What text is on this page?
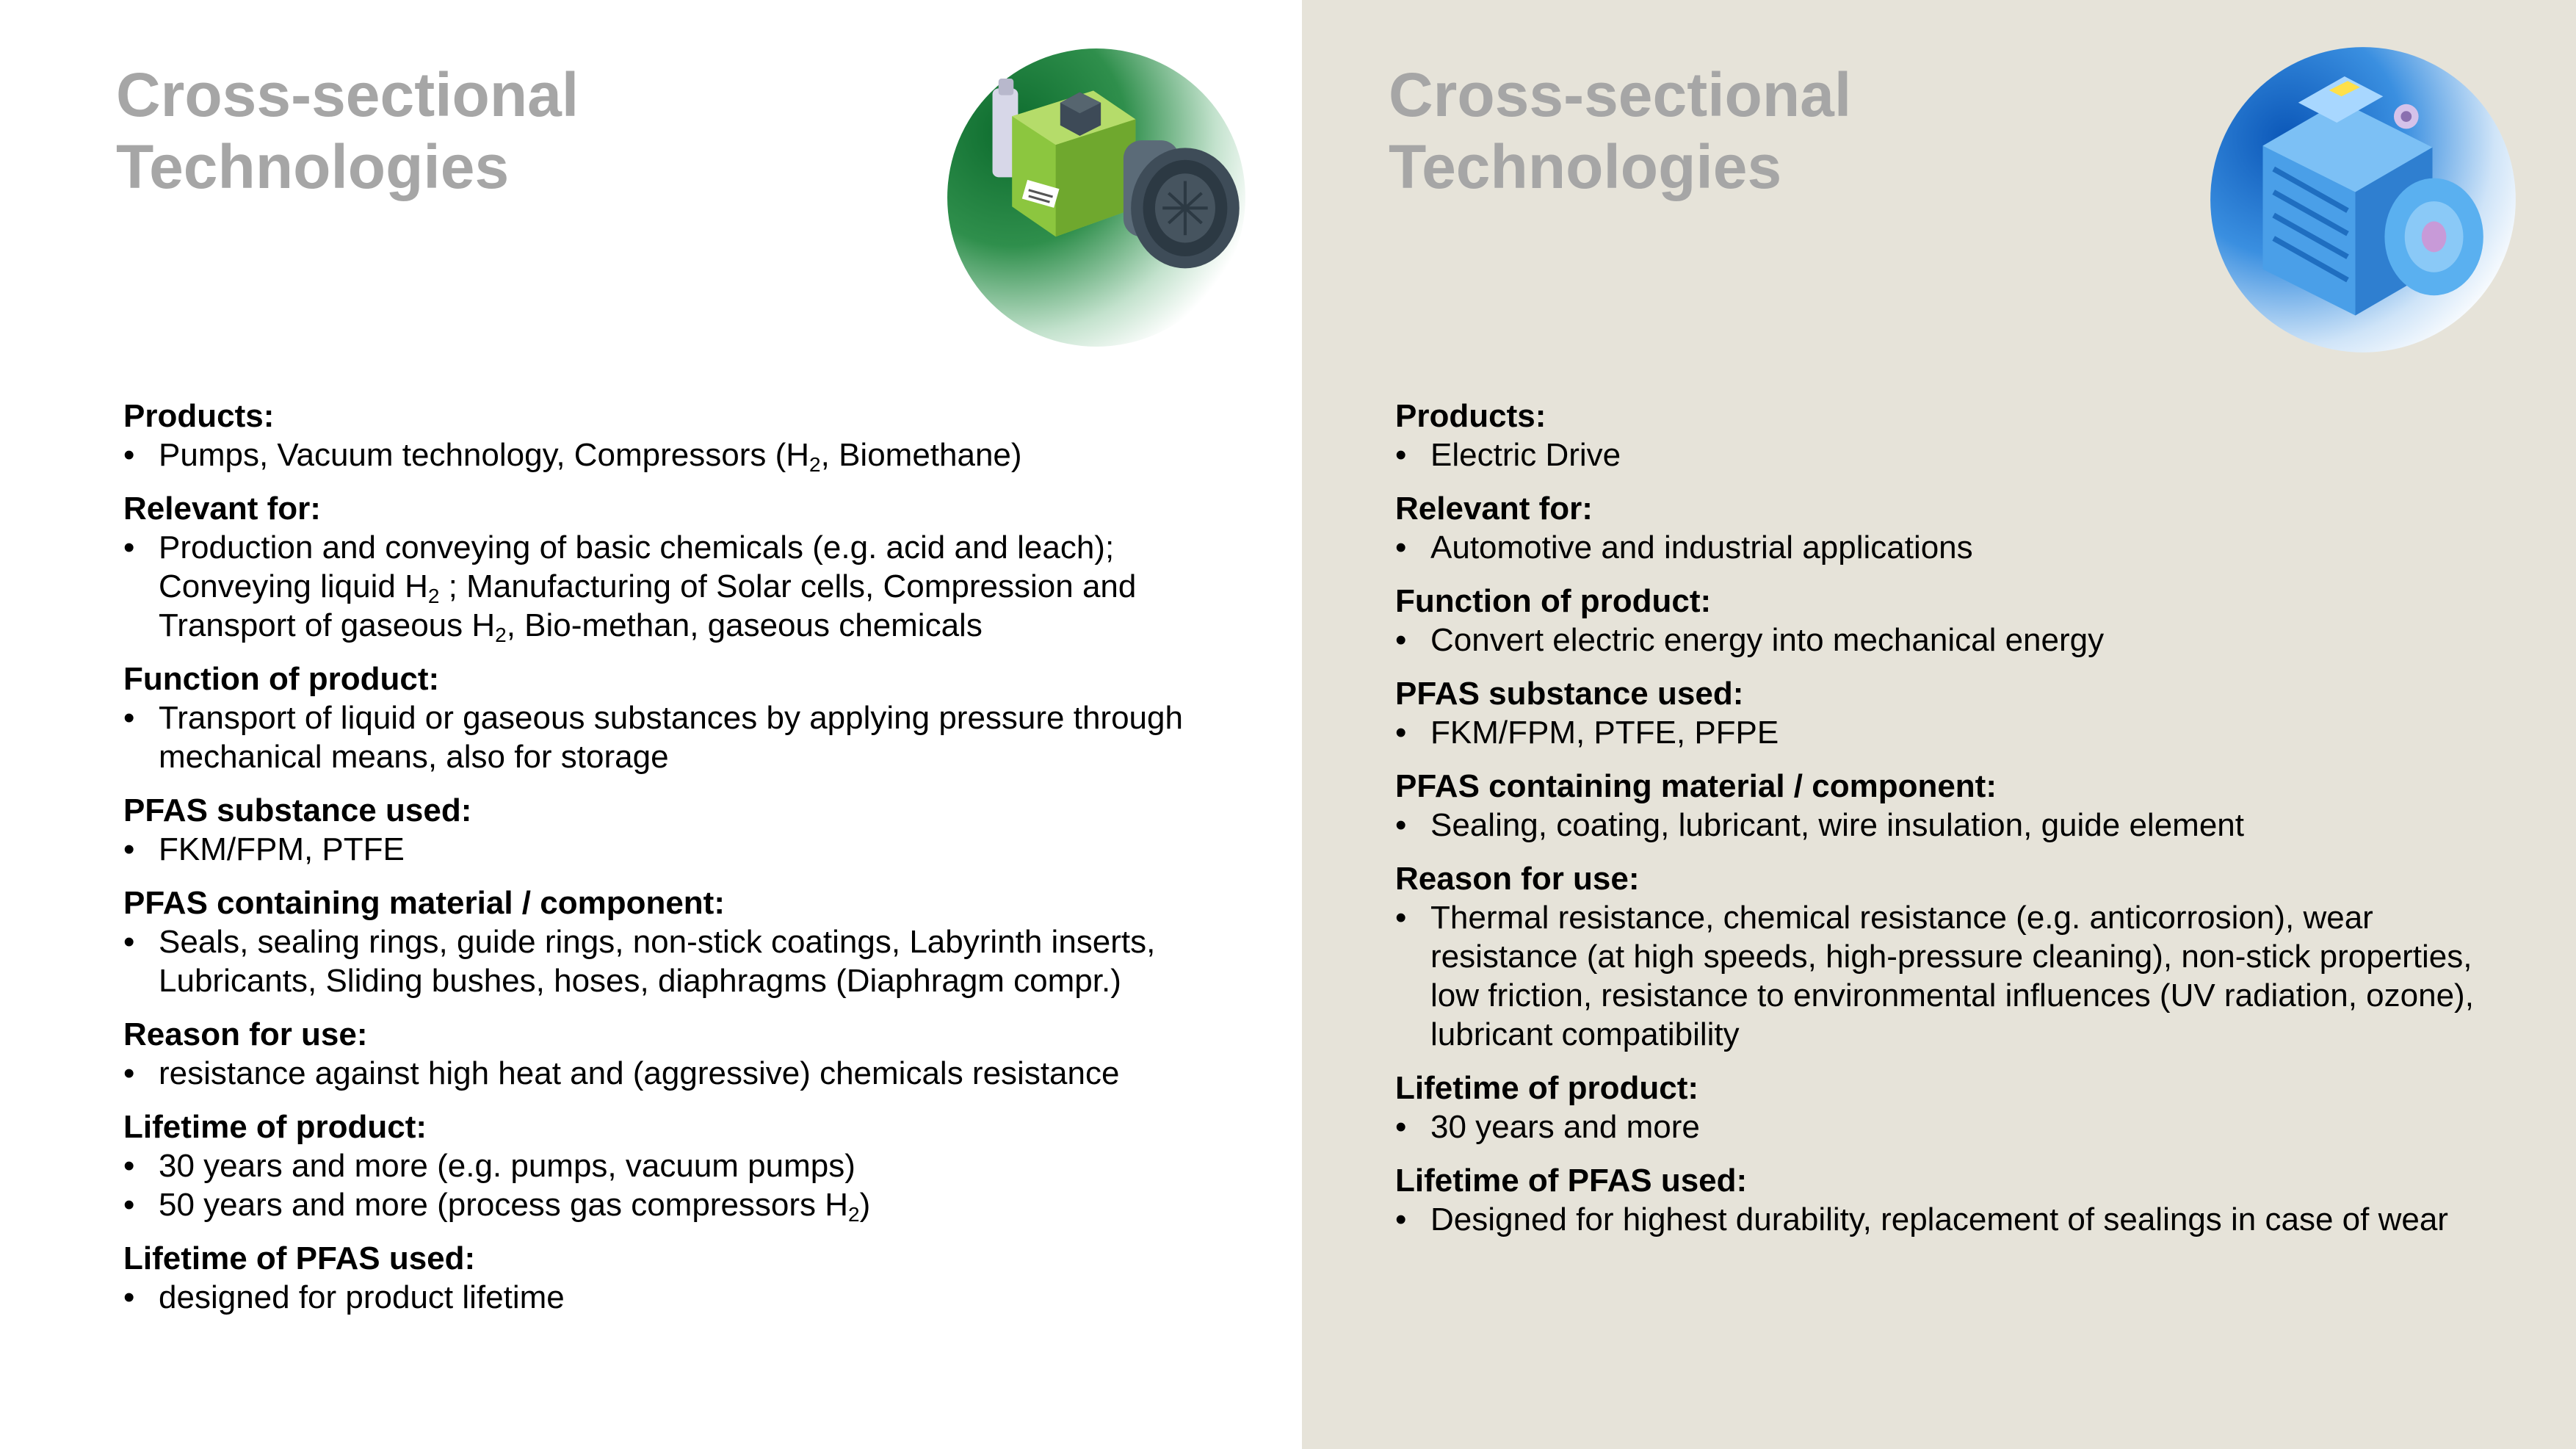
Cross-sectional
Technologies
Products:
• Pumps, Vacuum technology, Compressors ($H_2$, Biomethane)
Relevant for:
• Production and conveying of basic chemicals (e.g. acid and leach);
Conveying liquid $H_2$ ; Manufacturing of Solar cells, Compression and
Transport of gaseous $H_2$, Bio-methan, gaseous chemicals
Function of product:
• Transport of liquid or gaseous substances by applying pressure through
mechanical means, also for storage
PFAS substance used:
• FKM/FPM, PTFE
PFAS containing material / component:
• Seals, sealing rings, guide rings, non-stick coatings, Labyrinth inserts,
Lubricants, Sliding bushes, hoses, diaphragms (Diaphragm compr.)
Reason for use:
• resistance against high heat and (aggressive) chemicals resistance
Lifetime of product:
• 30 years and more (e.g. pumps, vacuum pumps)
• 50 years and more (process gas compressors $H_2$)
Lifetime of PFAS used:
• designed for product lifetime
Cross-sectional
Technologies
Products:
• Electric Drive
Relevant for:
• Automotive and industrial applications
Function of product:
• Convert electric energy into mechanical energy
PFAS substance used:
• FKM/FPM, PTFE, PFPE
PFAS containing material / component:
• Sealing, coating, lubricant, wire insulation, guide element
Reason for use:
• Thermal resistance, chemical resistance (e.g. anticorrosion), wear
resistance (at high speeds, high-pressure cleaning), non-stick properties,
low friction, resistance to environmental influences (UV radiation, ozone),
lubricant compatibility
Lifetime of product:
• 30 years and more
Lifetime of PFAS used:
• Designed for highest durability, replacement of sealings in case of wear
